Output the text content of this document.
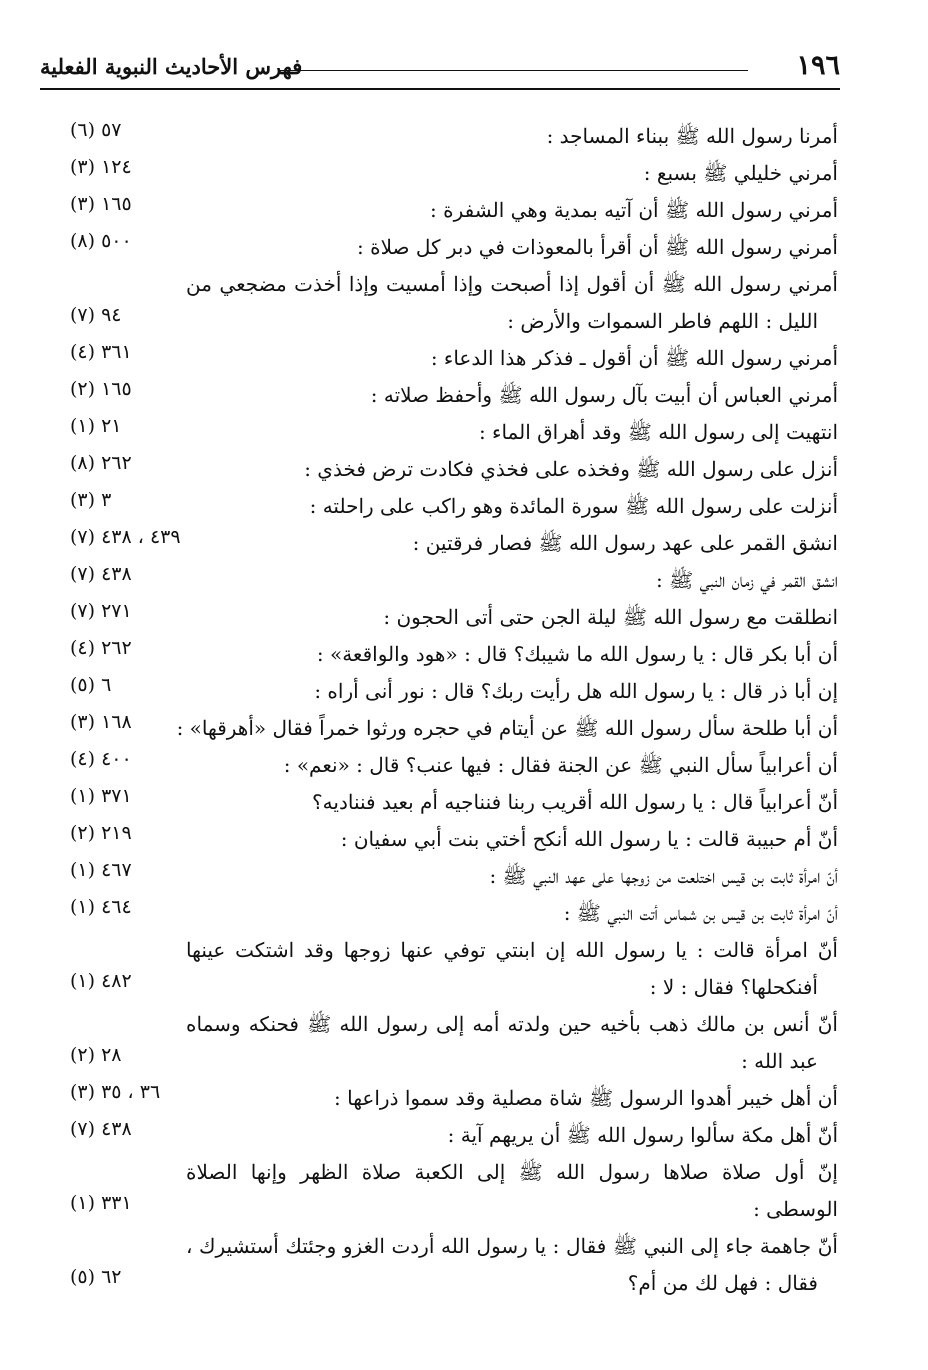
١٩٦
فهرس الأحاديث النبوية الفعلية
أمرنا رسول الله ﷺ ببناء المساجد :
٥٧ (٦)
أمرني خليلي ﷺ بسبع :
١٢٤ (٣)
أمرني رسول الله ﷺ أن آتيه بمدية وهي الشفرة :
١٦٥ (٣)
أمرني رسول الله ﷺ أن أقرأ بالمعوذات في دبر كل صلاة :
٥٠٠ (٨)
أمرني رسول الله ﷺ أن أقول إذا أصبحت وإذا أمسيت وإذا أخذت مضجعي من
الليل : اللهم فاطر السموات والأرض :
٩٤ (٧)
أمرني رسول الله ﷺ أن أقول ـ فذكر هذا الدعاء :
٣٦١ (٤)
أمرني العباس أن أبيت بآل رسول الله ﷺ وأحفظ صلاته :
١٦٥ (٢)
انتهيت إلى رسول الله ﷺ وقد أهراق الماء :
٢١ (١)
أنزل على رسول الله ﷺ وفخذه على فخذي فكادت ترض فخذي :
٢٦٢ (٨)
أنزلت على رسول الله ﷺ سورة المائدة وهو راكب على راحلته :
٣ (٣)
انشق القمر على عهد رسول الله ﷺ فصار فرقتين :
٤٣٩ ، ٤٣٨ (٧)
انشق القمر في زمان النبي ﷺ :
٤٣٨ (٧)
انطلقت مع رسول الله ﷺ ليلة الجن حتى أتى الحجون :
٢٧١ (٧)
أن أبا بكر قال : يا رسول الله ما شيبك؟ قال : «هود والواقعة» :
٢٦٢ (٤)
إن أبا ذر قال : يا رسول الله هل رأيت ربك؟ قال : نور أنى أراه :
٦ (٥)
أن أبا طلحة سأل رسول الله ﷺ عن أيتام في حجره ورثوا خمراً فقال «أهرقها» :
١٦٨ (٣)
أن أعرابياً سأل النبي ﷺ عن الجنة فقال : فيها عنب؟ قال : «نعم» :
٤٠٠ (٤)
أنّ أعرابياً قال : يا رسول الله أقريب ربنا فنناجيه أم بعيد فنناديه؟
٣٧١ (١)
أنّ أم حبيبة قالت : يا رسول الله أنكح أختي بنت أبي سفيان :
٢١٩ (٢)
أنّ امرأة ثابت بن قيس اختلعت من زوجها على عهد النبي ﷺ :
٤٦٧ (١)
أنّ امرأة ثابت بن قيس بن شماس أتت النبي ﷺ :
٤٦٤ (١)
أنّ امرأة قالت : يا رسول الله إن ابنتي توفي عنها زوجها وقد اشتكت عينها
أفنكحلها؟ فقال : لا :
٤٨٢ (١)
أنّ أنس بن مالك ذهب بأخيه حين ولدته أمه إلى رسول الله ﷺ فحنكه وسماه
عبد الله :
٢٨ (٢)
أن أهل خيبر أهدوا الرسول ﷺ شاة مصلية وقد سموا ذراعها :
٣٦ ، ٣٥ (٣)
أنّ أهل مكة سألوا رسول الله ﷺ أن يريهم آية :
٤٣٨ (٧)
إنّ أول صلاة صلاها رسول الله ﷺ إلى الكعبة صلاة الظهر وإنها الصلاة
الوسطى :
٣٣١ (١)
أنّ جاهمة جاء إلى النبي ﷺ فقال : يا رسول الله أردت الغزو وجئتك أستشيرك ،
فقال : فهل لك من أم؟
٦٢ (٥)
